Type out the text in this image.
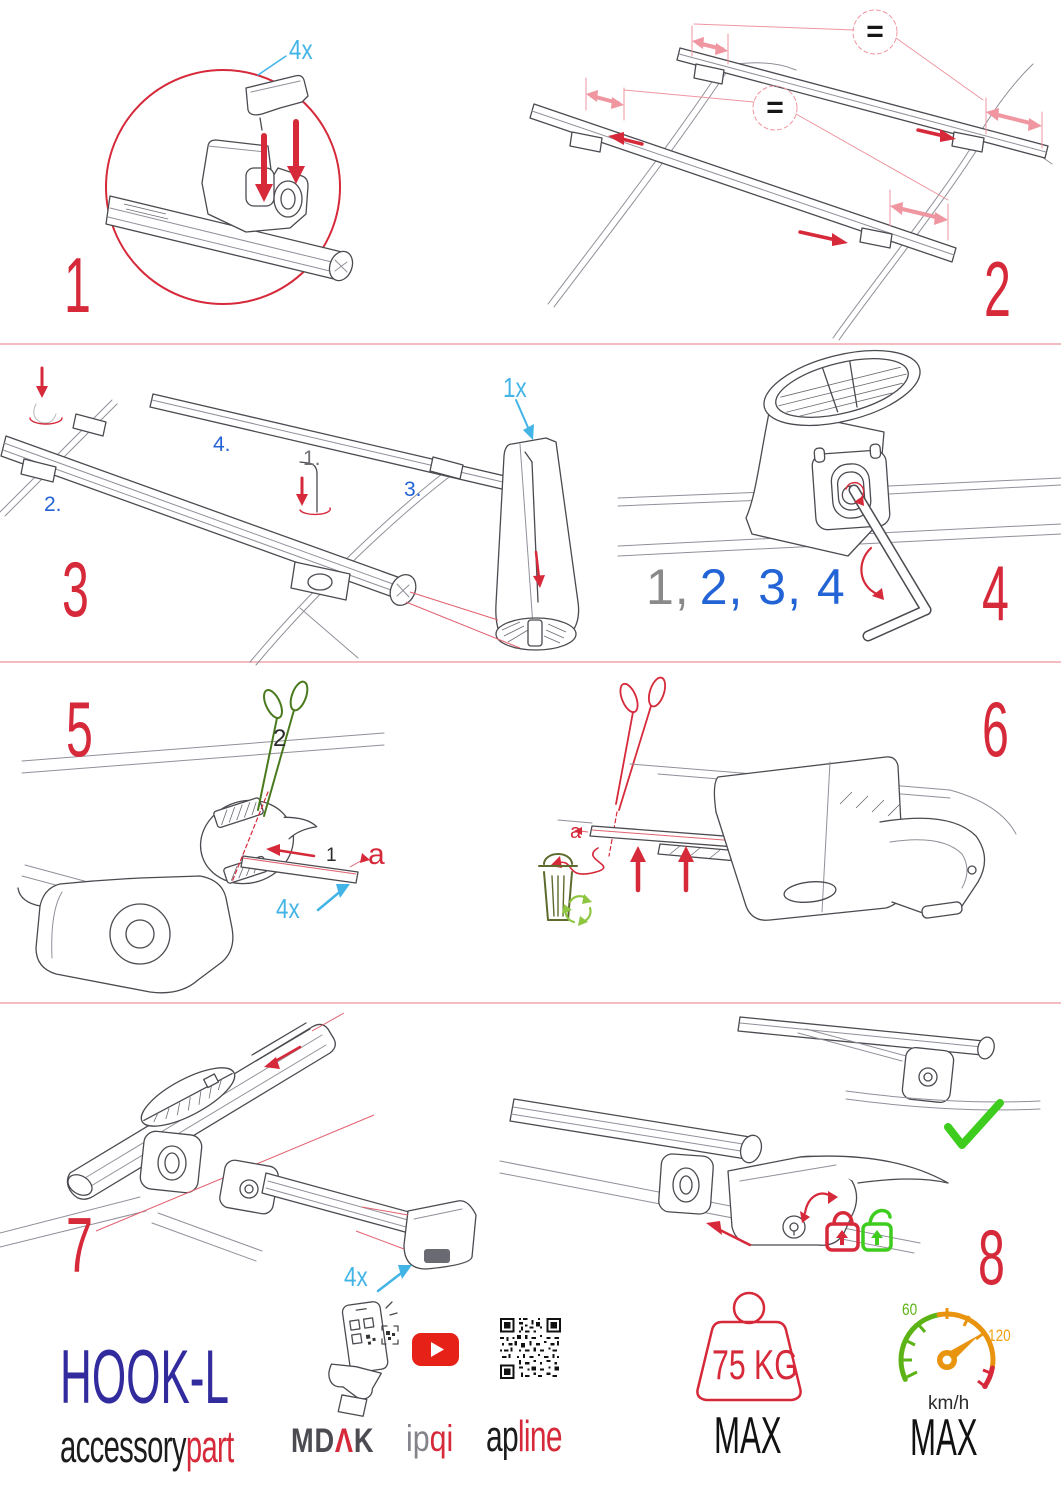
4x
1
=
=
2
1.
2.
3.
4.
1x
3	1, 2, 3, 4 4
5	2
1 a
4x
a
6
7	4x	8
HOOK-L
accessorypart MDΛK ipqi apline
75 KG
MAX
60
120
km/h
MAX
